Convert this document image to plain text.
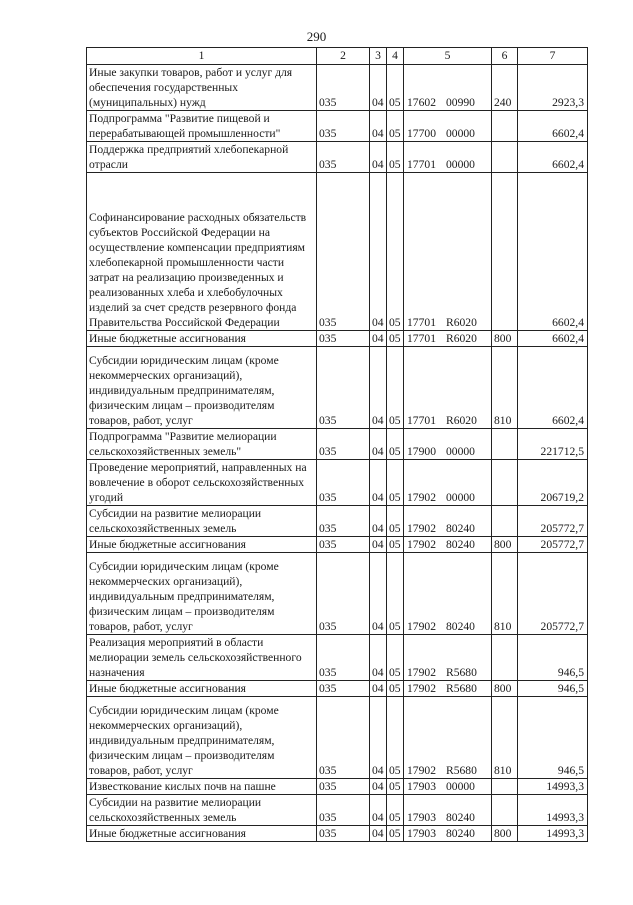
290
1	2	3	4	5	6	7
Иные закупки товаров, работ и услуг для обеспечения государственных (муниципальных) нужд	035	04	05	17602 00990	240	2923,3
Подпрограмма "Развитие пищевой и перерабатывающей промышленности"	035	04	05	17700 00000		6602,4
Поддержка предприятий хлебопекарной отрасли	035	04	05	17701 00000		6602,4
Софинансирование расходных обязательств субъектов Российской Федерации на осуществление компенсации предприятиям хлебопекарной промышленности части затрат на реализацию произведенных и реализованных хлеба и хлебобулочных изделий за счет средств резервного фонда Правительства Российской Федерации	035	04	05	17701 R6020		6602,4
Иные бюджетные ассигнования	035	04	05	17701 R6020	800	6602,4
Субсидии юридическим лицам (кроме некоммерческих организаций), индивидуальным предпринимателям, физическим лицам – производителям товаров, работ, услуг	035	04	05	17701 R6020	810	6602,4
Подпрограмма "Развитие мелиорации сельскохозяйственных земель"	035	04	05	17900 00000		221712,5
Проведение мероприятий, направленных на вовлечение в оборот сельскохозяйственных угодий	035	04	05	17902 00000		206719,2
Субсидии на развитие мелиорации сельскохозяйственных земель	035	04	05	17902 80240		205772,7
Иные бюджетные ассигнования	035	04	05	17902 80240	800	205772,7
Субсидии юридическим лицам (кроме некоммерческих организаций), индивидуальным предпринимателям, физическим лицам – производителям товаров, работ, услуг	035	04	05	17902 80240	810	205772,7
Реализация мероприятий в области мелиорации земель сельскохозяйственного назначения	035	04	05	17902 R5680		946,5
Иные бюджетные ассигнования	035	04	05	17902 R5680	800	946,5
Субсидии юридическим лицам (кроме некоммерческих организаций), индивидуальным предпринимателям, физическим лицам – производителям товаров, работ, услуг	035	04	05	17902 R5680	810	946,5
Известкование кислых почв на пашне	035	04	05	17903 00000		14993,3
Субсидии на развитие мелиорации сельскохозяйственных земель	035	04	05	17903 80240		14993,3
Иные бюджетные ассигнования	035	04	05	17903 80240	800	14993,3
